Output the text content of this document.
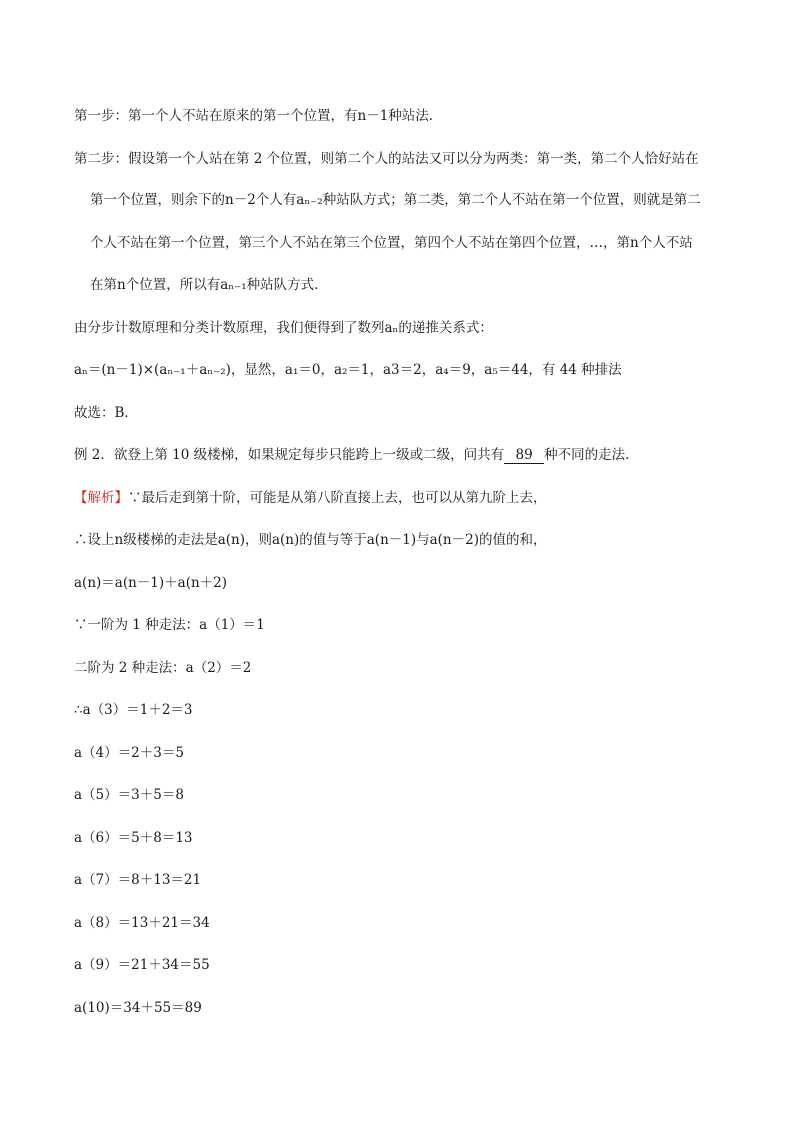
第一步：第一个人不站在原来的第一个位置，有n－1种站法．
第二步：假设第一个人站在第 2 个位置，则第二个人的站法又可以分为两类：第一类，第二个人恰好站在
第一个位置，则余下的n－2个人有aₙ₋₂种站队方式；第二类，第二个人不站在第一个位置，则就是第二
个人不站在第一个位置，第三个人不站在第三个位置，第四个人不站在第四个位置，…，第n个人不站
在第n个位置，所以有aₙ₋₁种站队方式．
由分步计数原理和分类计数原理，我们便得到了数列aₙ的递推关系式：
aₙ＝(n－1)×(aₙ₋₁＋aₙ₋₂)，显然，a₁＝0，a₂＝1，a3＝2，a₄＝9，a₅＝44，有 44 种排法
故选：B．
例 2．欲登上第 10 级楼梯，如果规定每步只能跨上一级或二级，问共有 89 种不同的走法．
【解析】∵最后走到第十阶，可能是从第八阶直接上去，也可以从第九阶上去，
∴设上n级楼梯的走法是a(n)，则a(n)的值与等于a(n－1)与a(n－2)的值的和，
a(n)＝a(n－1)＋a(n＋2)
∵一阶为 1 种走法：a（1）＝1
二阶为 2 种走法：a（2）＝2
∴a（3）＝1＋2＝3
a（4）＝2＋3＝5
a（5）＝3＋5＝8
a（6）＝5＋8＝13
a（7）＝8＋13＝21
a（8）＝13＋21＝34
a（9）＝21＋34＝55
a(10)＝34＋55＝89
